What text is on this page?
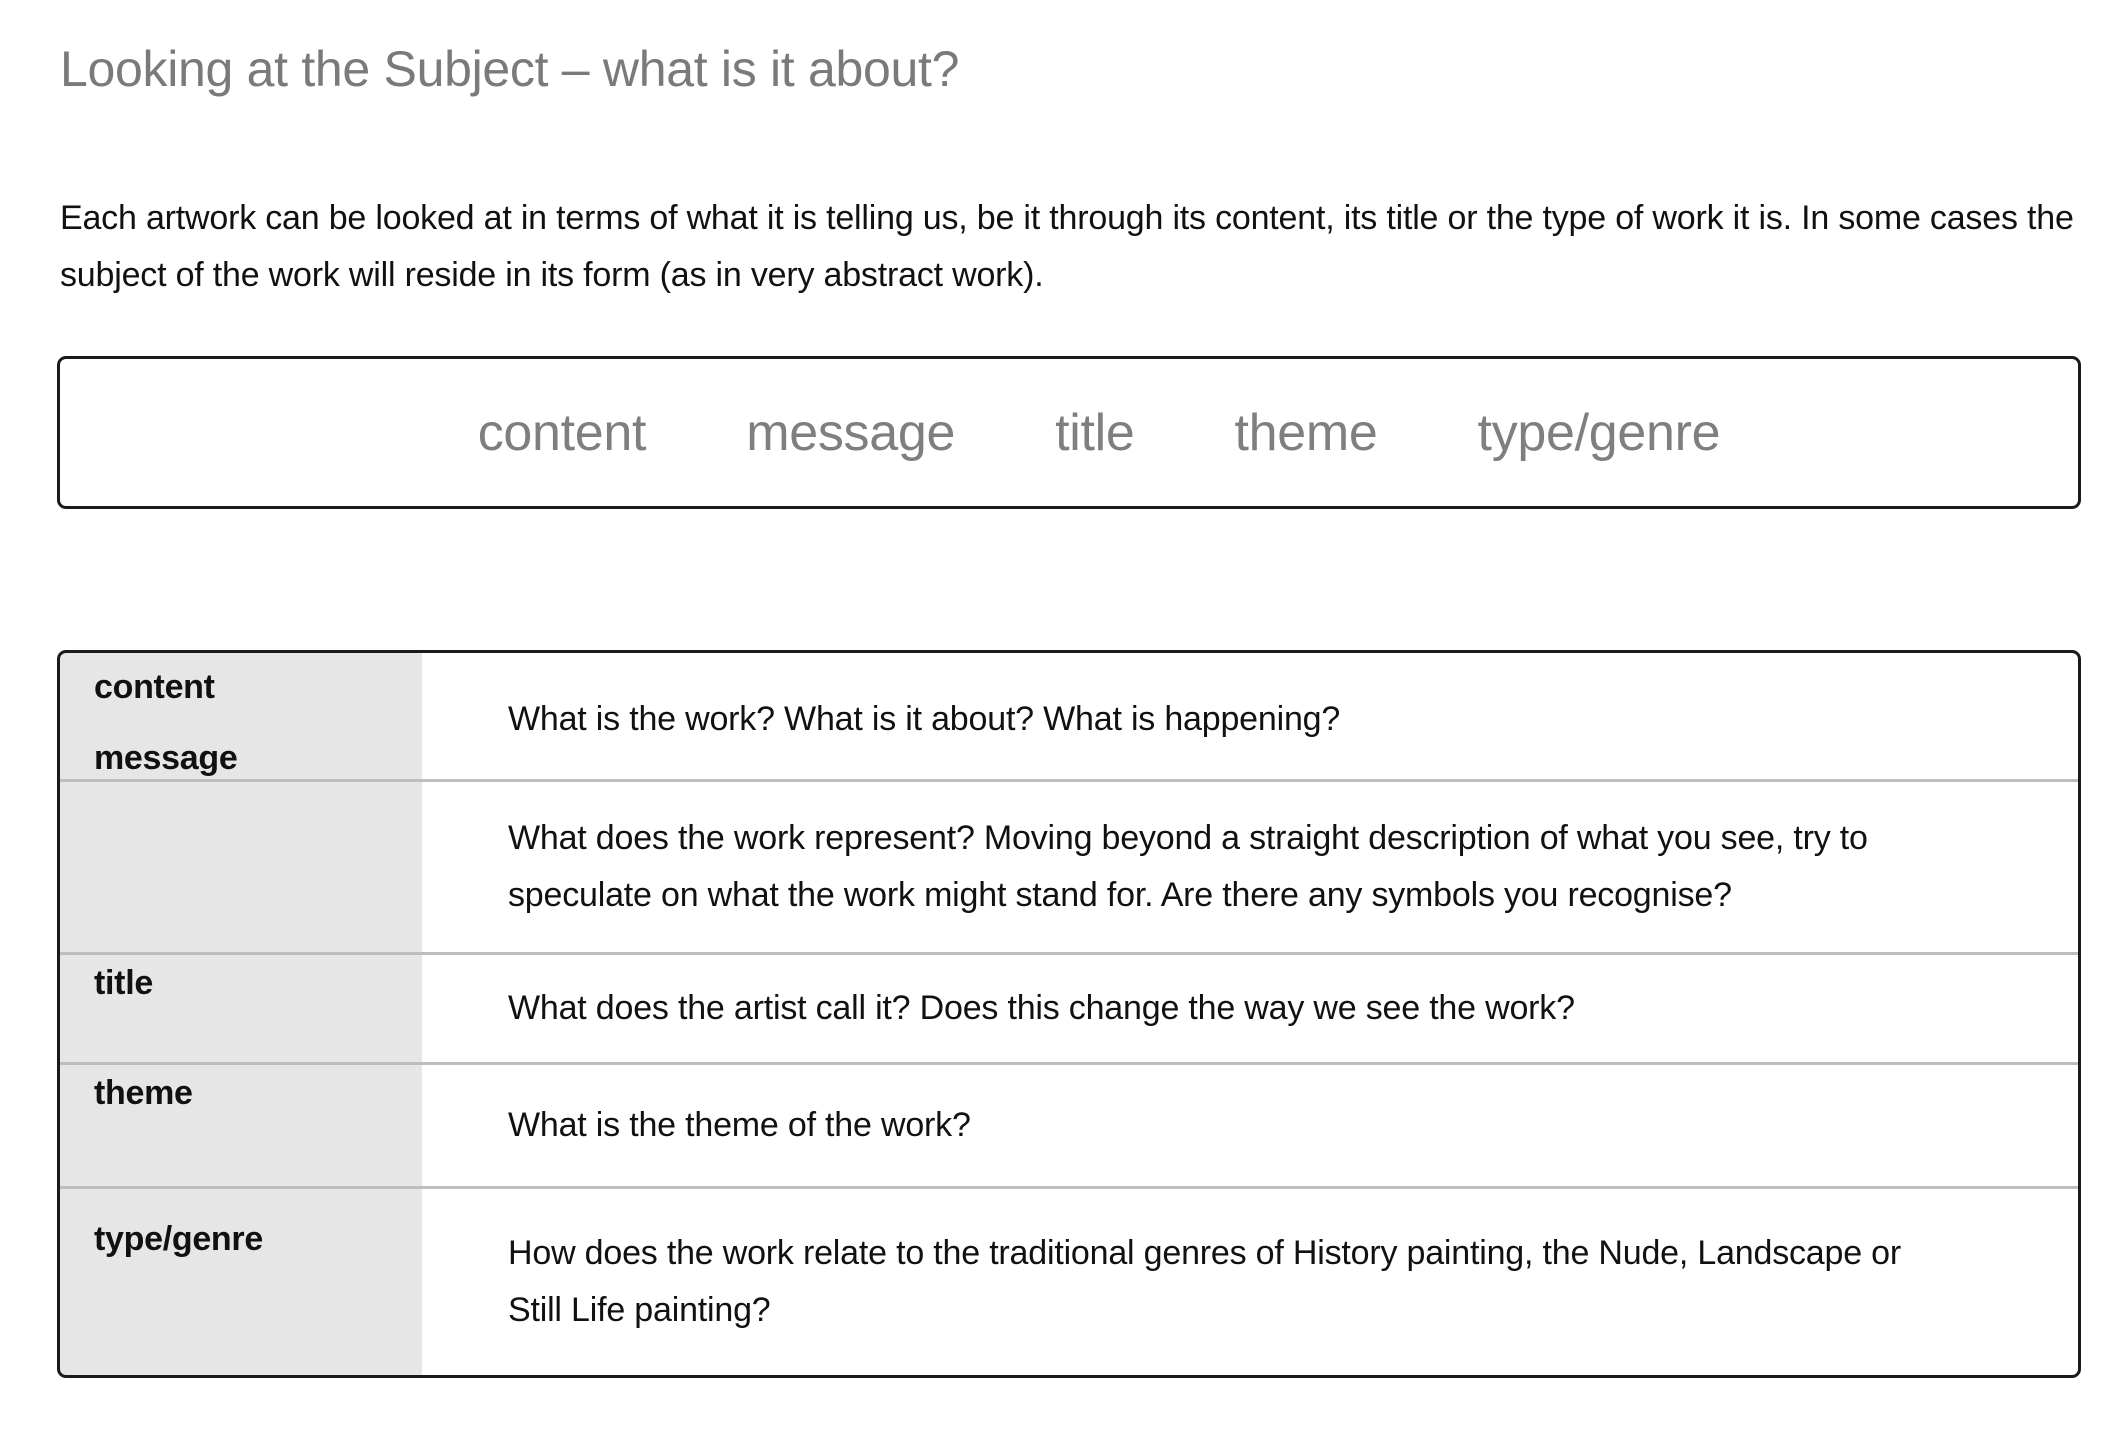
Looking at the Subject – what is it about?

Each artwork can be looked at in terms of what it is telling us, be it through its content, its title or the type of work it is. In some cases the subject of the work will reside in its form (as in very abstract work).

content message title theme type/genre
content
What is the work? What is it about? What is happening?
message
What does the work represent? Moving beyond a straight description of what you see, try to speculate on what the work might stand for. Are there any symbols you recognise?
title
What does the artist call it? Does this change the way we see the work?
theme
What is the theme of the work?
type/genre	How does the work relate to the traditional genres of History painting, the Nude, Landscape or Still Life painting?
